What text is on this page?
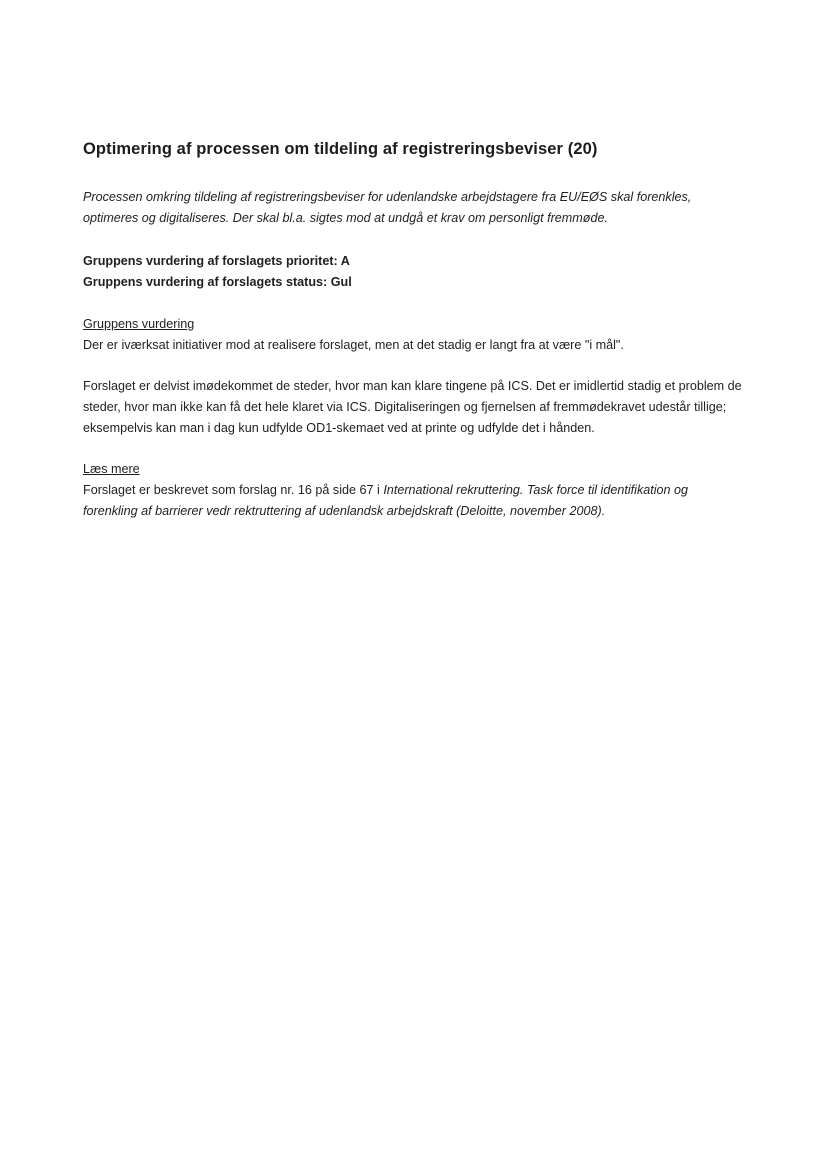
Optimering af processen om tildeling af registreringsbeviser (20)

Processen omkring tildeling af registreringsbeviser for udenlandske arbejdstagere fra EU/EØS skal forenkles, optimeres og digitaliseres. Der skal bl.a. sigtes mod at undgå et krav om personligt fremmøde.

Gruppens vurdering af forslagets prioritet: A

Gruppens vurdering af forslagets status: Gul

Gruppens vurdering

Der er iværksat initiativer mod at realisere forslaget, men at det stadig er langt fra at være "i mål".

Forslaget er delvist imødekommet de steder, hvor man kan klare tingene på ICS. Det er imidlertid stadig et problem de steder, hvor man ikke kan få det hele klaret via ICS. Digitaliseringen og fjernelsen af fremmødekravet udestår tillige; eksempelvis kan man i dag kun udfylde OD1-skemaet ved at printe og udfylde det i hånden.

Læs mere

Forslaget er beskrevet som forslag nr. 16 på side 67 i International rekruttering. Task force til identifikation og forenkling af barrierer vedr rektruttering af udenlandsk arbejdskraft (Deloitte, november 2008).
